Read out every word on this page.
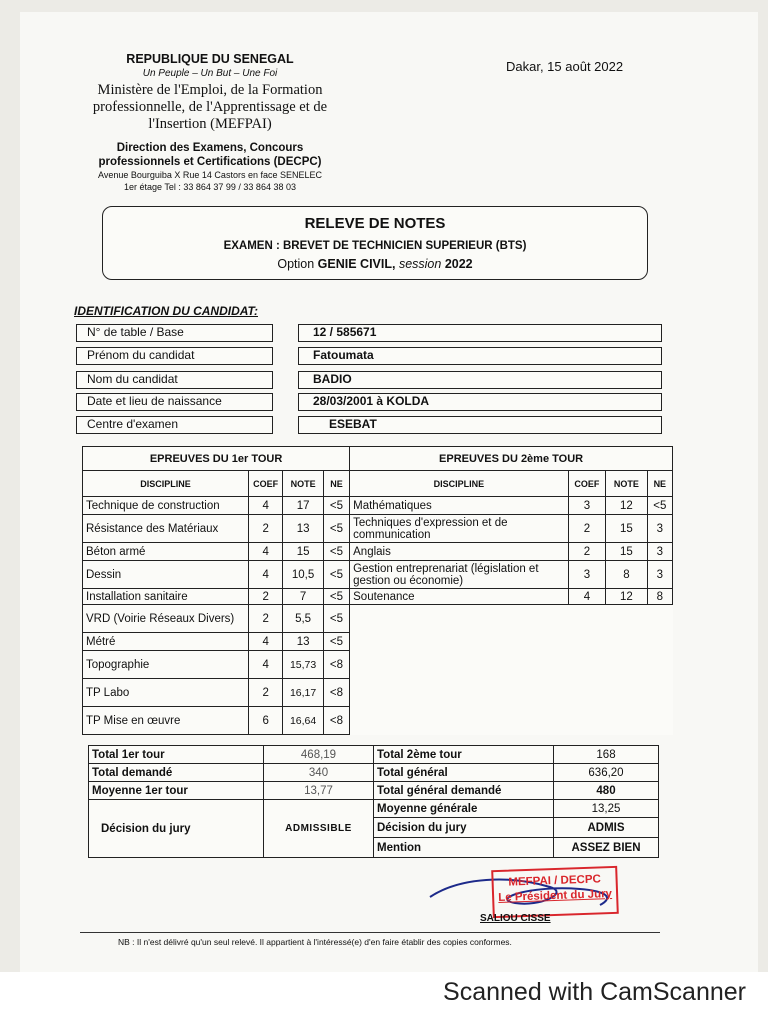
REPUBLIQUE DU SENEGAL
Un Peuple – Un But – Une Foi
Ministère de l'Emploi, de la Formation
professionnelle, de l'Apprentissage et de
l'Insertion (MEFPAI)
Direction des Examens, Concours
professionnels et Certifications (DECPC)
Avenue Bourguiba X Rue 14 Castors en face SENELEC
1er étage Tel : 33 864 37 99 / 33 864 38 03
Dakar, 15 août 2022
RELEVE DE NOTES
EXAMEN : BREVET DE TECHNICIEN SUPERIEUR (BTS)
Option GENIE CIVIL, session 2022
IDENTIFICATION DU CANDIDAT:
N° de table / Base	12 / 585671
Prénom du candidat	Fatoumata
Nom du candidat	BADIO
Date et lieu de naissance	28/03/2001 à KOLDA
Centre d'examen	ESEBAT
EPREUVES DU 1er TOUR				EPREUVES DU 2ème TOUR			
DISCIPLINE	COEF	NOTE	NE	DISCIPLINE	COEF	NOTE	NE
Technique de construction	4	17	<5	Mathématiques	3	12	<5
Résistance des Matériaux	2	13	<5	Techniques d'expression et de communication	2	15	3
Béton armé	4	15	<5	Anglais	2	15	3
Dessin	4	10,5	<5	Gestion entreprenariat (législation et gestion ou économie)	3	8	3
Installation sanitaire	2	7	<5	Soutenance	4	12	8
VRD (Voirie Réseaux Divers)	2	5,5	<5				
Métré	4	13	<5				
Topographie	4	15,73	<8				
TP Labo	2	16,17	<8				
TP Mise en œuvre	6	16,64	<8				
Total 1er tour	468,19	Total 2ème tour	168
Total demandé	340	Total général	636,20
Moyenne 1er tour	13,77	Total général demandé	480
Décision du jury	ADMISSIBLE	Moyenne générale	13,25
		Décision du jury	ADMIS
		Mention	ASSEZ BIEN
MEFPAI / DECPC
Le Président du Jury
SALIOU CISSE
NB : Il n'est délivré qu'un seul relevé. Il appartient à l'intéressé(e) d'en faire établir des copies conformes.
Scanned with CamScanner
